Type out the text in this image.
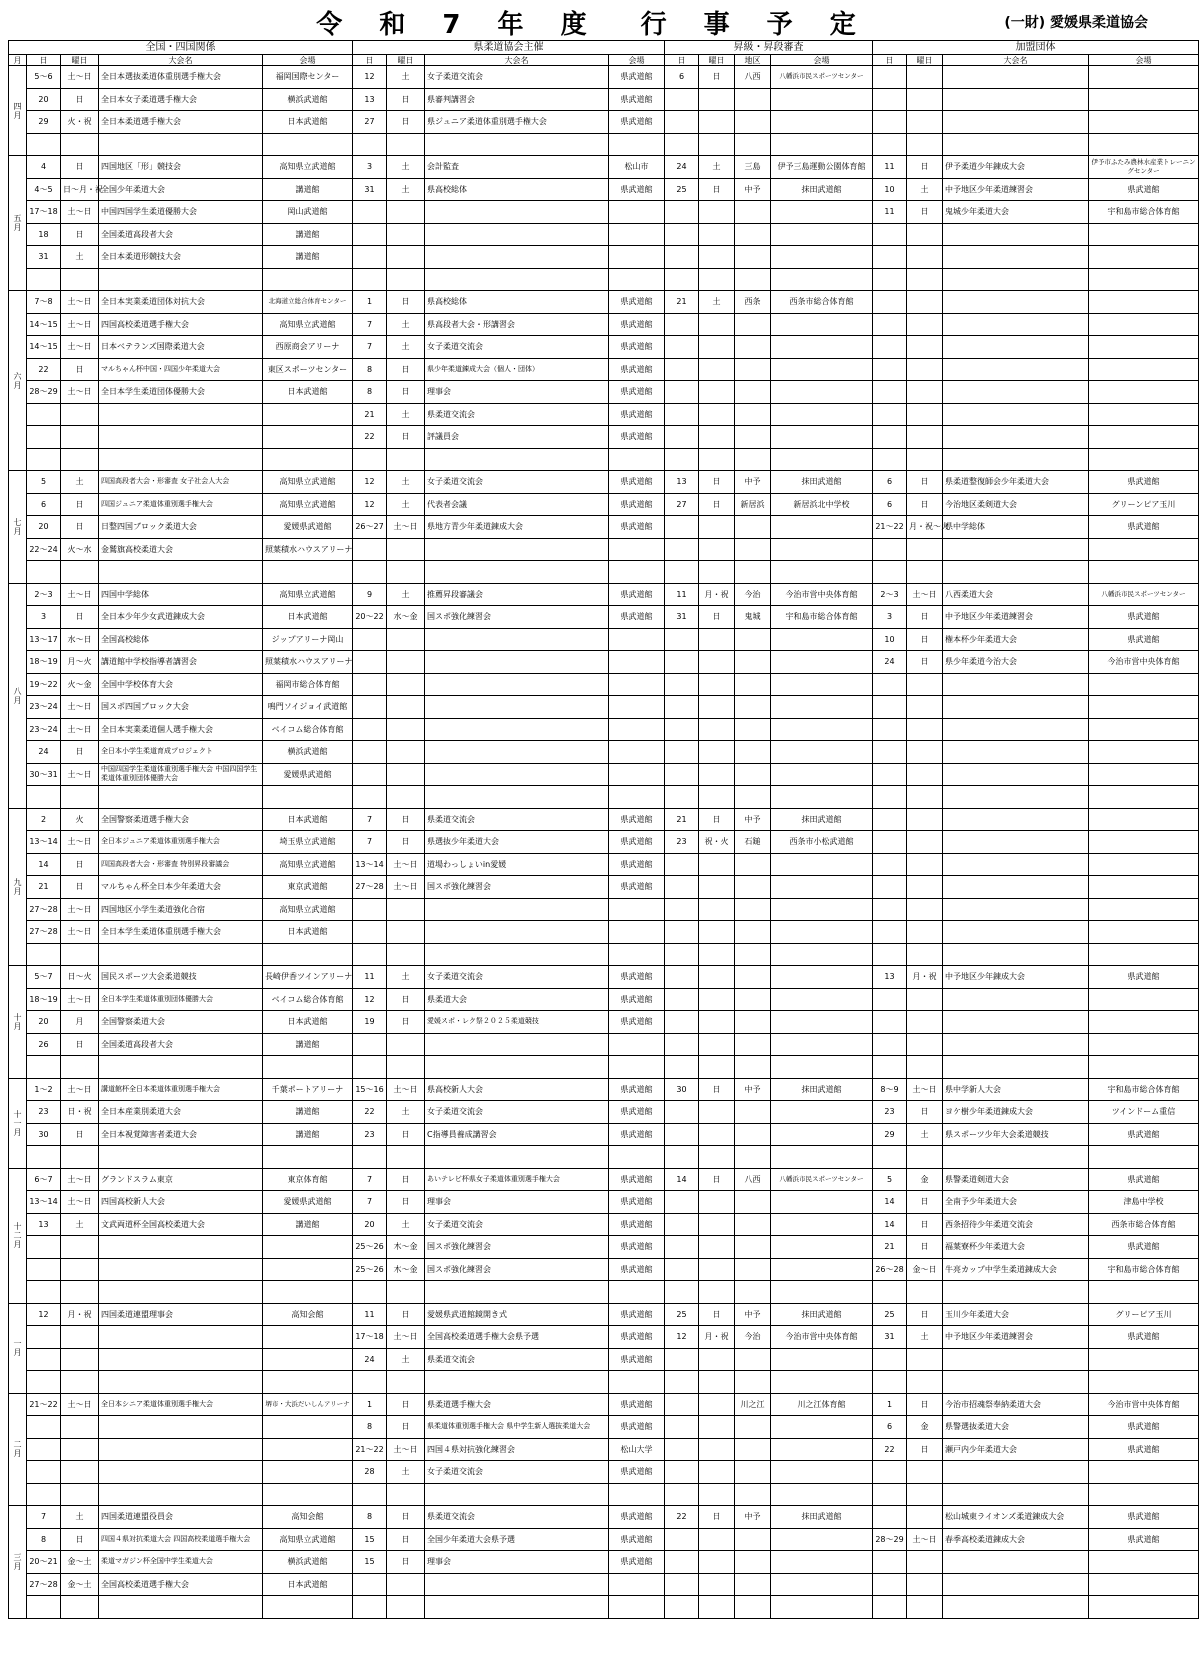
令 和 7 年 度　行 事 予 定	(一財) 愛媛県柔道協会
全国・四国関係					県柔道協会主催				昇級・昇段審査				加盟団体			
月	日	曜日	大会名	会場	日	曜日	大会名	会場	日	曜日	地区	会場	日	曜日	大会名	会場
四
月	5～6	土～日	全日本選抜柔道体重別選手権大会	福岡国際センター	12	土	女子柔道交流会	県武道館	6	日	八西	八幡浜市民スポーツセンター				
	20	日	全日本女子柔道選手権大会	横浜武道館	13	日	県審判講習会	県武道館								
	29	火・祝	全日本柔道選手権大会	日本武道館	27	日	県ジュニア柔道体重別選手権大会	県武道館								

五
月	4	日	四国地区「形」競技会	高知県立武道館	3	土	会計監査	松山市	24	土	三島	伊予三島運動公園体育館	11	日	伊予柔道少年錬成大会	伊予市ふたみ農林水産業トレーニングセンター
	4～5	日～月・祝	全国少年柔道大会	講道館	31	土	県高校総体	県武道館	25	日	中予	抹田武道館	10	土	中予地区少年柔道練習会	県武道館
	17～18	土～日	中国四国学生柔道優勝大会	岡山武道館									11	日	鬼城少年柔道大会	宇和島市総合体育館
	18	日	全国柔道高段者大会	講道館												
	31	土	全日本柔道形競技大会	講道館												

六
月	7～8	土～日	全日本実業柔道団体対抗大会	北海道立総合体育センター	1	日	県高校総体	県武道館	21	土	西条	西条市総合体育館				
	14～15	土～日	四国高校柔道選手権大会	高知県立武道館	7	土	県高段者大会・形講習会	県武道館								
	14～15	土～日	日本ベテランズ国際柔道大会	西原商会アリーナ	7	土	女子柔道交流会	県武道館								
	22	日	マルちゃん杯中国・四国少年柔道大会	東区スポーツセンター	8	日	県少年柔道錬成大会（個人・団体）	県武道館								
	28～29	土～日	全日本学生柔道団体優勝大会	日本武道館	8	日	理事会	県武道館								
					21	土	県柔道交流会	県武道館								
					22	日	評議員会	県武道館								

七
月	5	土	四国高段者大会・形審査 女子社会人大会	高知県立武道館	12	土	女子柔道交流会	県武道館	13	日	中予	抹田武道館	6	日	県柔道整復師会少年柔道大会	県武道館
	6	日	四国ジュニア柔道体重別選手権大会	高知県立武道館	12	土	代表者会議	県武道館	27	日	新居浜	新居浜北中学校	6	日	今治地区柔剣道大会	グリーンピア玉川
	20	日	日整四国ブロック柔道大会	愛媛県武道館	26～27	土～日	県地方青少年柔道錬成大会	県武道館					21～22	月・祝～火	県中学総体	県武道館
	22～24	火～水	金鷲旗高校柔道大会	照葉積水ハウスアリーナ												

八
月	2～3	土～日	四国中学総体	高知県立武道館	9	土	推薦昇段審議会	県武道館	11	月・祝	今治	今治市営中央体育館	2～3	土～日	八西柔道大会	八幡浜市民スポーツセンター
	3	日	全日本少年少女武道錬成大会	日本武道館	20～22	水～金	国スポ強化練習会	県武道館	31	日	鬼城	宇和島市総合体育館	3	日	中予地区少年柔道練習会	県武道館
	13～17	水～日	全国高校総体	ジップアリーナ岡山									10	日	権本杯少年柔道大会	県武道館
	18～19	月～火	講道館中学校指導者講習会	照葉積水ハウスアリーナ									24	日	県少年柔道今治大会	今治市営中央体育館
	19～22	火～金	全国中学校体育大会	福岡市総合体育館												
	23～24	土～日	国スポ四国ブロック大会	鳴門ソイジョイ武道館												
	23～24	土～日	全日本実業柔道個人選手権大会	ベイコム総合体育館												
	24	日	全日本小学生柔道育成プロジェクト	横浜武道館												
	30～31	土～日	中国四国学生柔道体重別選手権大会 中国四国学生柔道体重別団体優勝大会	愛媛県武道館												

九
月	2	火	全国警察柔道選手権大会	日本武道館	7	日	県柔道交流会	県武道館	21	日	中予	抹田武道館				
	13～14	土～日	全日本ジュニア柔道体重別選手権大会	埼玉県立武道館	7	日	県選抜少年柔道大会	県武道館	23	祝・火	石鎚	西条市小松武道館				
	14	日	四国高段者大会・形審査 特別昇段審議会	高知県立武道館	13～14	土～日	道場わっしょいin愛媛	県武道館								
	21	日	マルちゃん杯全日本少年柔道大会	東京武道館	27～28	土～日	国スポ強化練習会	県武道館								
	27～28	土～日	四国地区小学生柔道強化合宿	高知県立武道館												
	27～28	土～日	全日本学生柔道体重別選手権大会	日本武道館												

十
月	5～7	日～火	国民スポーツ大会柔道競技	長崎伊香ツインアリーナ	11	土	女子柔道交流会	県武道館					13	月・祝	中予地区少年錬成大会	県武道館
	18～19	土～日	全日本学生柔道体重別団体優勝大会	ベイコム総合体育館	12	日	県柔道大会	県武道館								
	20	月	全国警察柔道大会	日本武道館	19	日	愛媛スポ・レク祭２０２５柔道競技	県武道館								
	26	日	全国柔道高段者大会	講道館												

十
一
月	1～2	土～日	講道館杯全日本柔道体重別選手権大会	千葉ポートアリーナ	15～16	土～日	県高校新人大会	県武道館	30	日	中予	抹田武道館	8～9	土～日	県中学新人大会	宇和島市総合体育館
	23	日・祝	全日本産業別柔道大会	講道館	22	土	女子柔道交流会	県武道館					23	日	ヨケ樹少年柔道錬成大会	ツインドーム重信
	30	日	全日本視覚障害者柔道大会	講道館	23	日	C指導員養成講習会	県武道館					29	土	県スポーツ少年大会柔道競技	県武道館

十
二
月	6～7	土～日	グランドスラム東京	東京体育館	7	日	あいテレビ杯県女子柔道体重別選手権大会	県武道館	14	日	八西	八幡浜市民スポーツセンター	5	金	県警柔道剣道大会	県武道館
	13～14	土～日	四国高校新人大会	愛媛県武道館	7	日	理事会	県武道館					14	日	全南予少年柔道大会	津島中学校
	13	土	文武両道杯全国高校柔道大会	講道館	20	土	女子柔道交流会	県武道館					14	日	西条招待少年柔道交流会	西条市総合体育館
					25～26	木～金	国スポ強化練習会	県武道館					21	日	福葉寮杯少年柔道大会	県武道館
					25～26	木～金	国スポ強化練習会	県武道館					26～28	金～日	牛亮カップ中学生柔道錬成大会	宇和島市総合体育館

一
月	12	月・祝	四国柔道連盟理事会	高知会館	11	日	愛媛県武道館鏡開き式	県武道館	25	日	中予	抹田武道館	25	日	玉川少年柔道大会	グリーピア玉川
					17～18	土～日	全国高校柔道選手権大会県予選	県武道館	12	月・祝	今治	今治市営中央体育館	31	土	中予地区少年柔道練習会	県武道館
					24	土	県柔道交流会	県武道館								

二
月	21～22	土～日	全日本シニア柔道体重別選手権大会	堺市・大浜だいしんアリーナ	1	日	県柔道選手権大会	県武道館			川之江	川之江体育館	1	日	今治市招魂祭奉納柔道大会	今治市営中央体育館
					8	日	県柔道体重別選手権大会 県中学生新人選抜柔道大会	県武道館					6	金	県警選抜柔道大会	県武道館
					21～22	土～日	四国４県対抗強化練習会	松山大学					22	日	瀬戸内少年柔道大会	県武道館
					28	土	女子柔道交流会	県武道館								

三
月	7	土	四国柔道連盟役員会	高知会館	8	日	県柔道交流会	県武道館	22	日	中予	抹田武道館			松山城東ライオンズ柔道錬成大会	県武道館
	8	日	四国４県対抗柔道大会 四国高校柔道選手権大会	高知県立武道館	15	日	全国少年柔道大会県予選	県武道館					28～29	土～日	春季高校柔道錬成大会	県武道館
	20～21	金～土	柔道マガジン杯全国中学生柔道大会	横浜武道館	15	日	理事会	県武道館								
	27～28	金～土	全国高校柔道選手権大会	日本武道館												
